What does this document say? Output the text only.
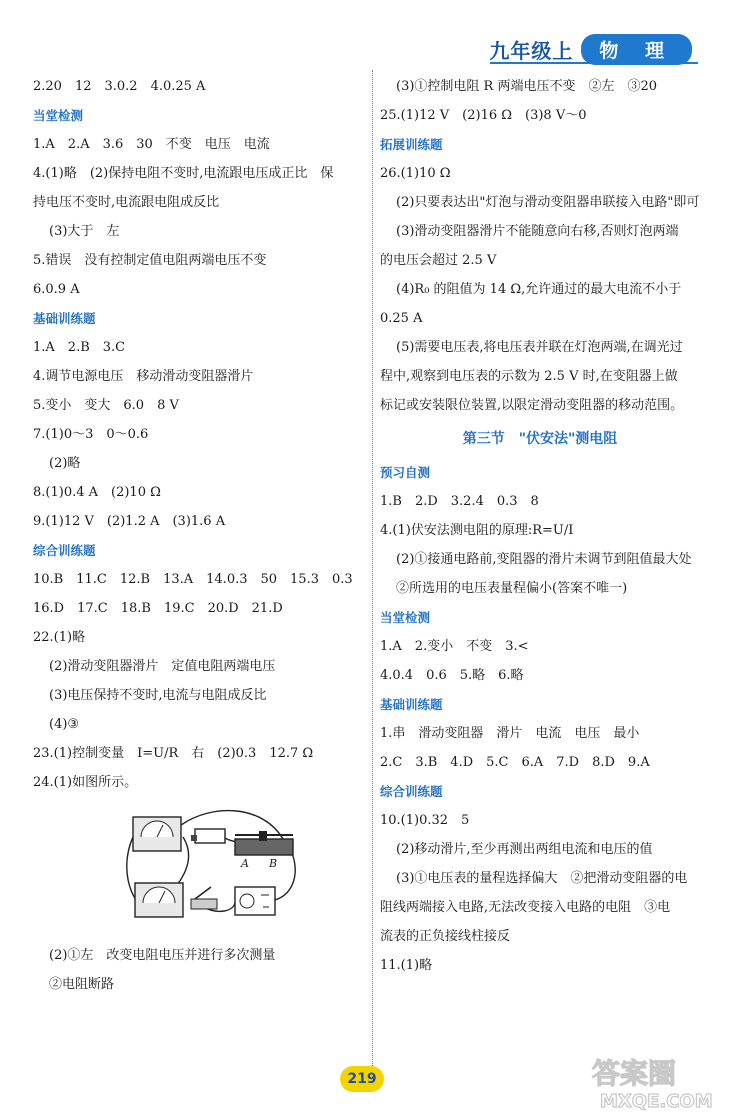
九年级上	物 理
2.20　12　3.0.2　4.0.25 A
当堂检测
1.A　2.A　3.6　30　不变　电压　电流
4.(1)略　(2)保持电阻不变时,电流跟电压成正比　保
持电压不变时,电流跟电阻成反比
(3)大于　左
5.错误　没有控制定值电阻两端电压不变
6.0.9 A
基础训练题
1.A　2.B　3.C
4.调节电源电压　移动滑动变阻器滑片
5.变小　变大　6.0　8 V
7.(1)0～3　0～0.6
(2)略
8.(1)0.4 A　(2)10 Ω
9.(1)12 V　(2)1.2 A　(3)1.6 A
综合训练题
10.B　11.C　12.B　13.A　14.0.3　50　15.3　0.3
16.D　17.C　18.B　19.C　20.D　21.D
22.(1)略
(2)滑动变阻器滑片　定值电阻两端电压
(3)电压保持不变时,电流与电阻成反比
(4)③
23.(1)控制变量　I=U/R　右　(2)0.3　12.7 Ω
24.(1)如图所示。
A B
(2)①左　改变电阻电压并进行多次测量
②电阻断路
(3)①控制电阻 R 两端电压不变　②左　③20
25.(1)12 V　(2)16 Ω　(3)8 V～0
拓展训练题
26.(1)10 Ω
(2)只要表达出"灯泡与滑动变阻器串联接入电路"即可
(3)滑动变阻器滑片不能随意向右移,否则灯泡两端
的电压会超过 2.5 V
(4)R₀ 的阻值为 14 Ω,允许通过的最大电流不小于
0.25 A
(5)需要电压表,将电压表并联在灯泡两端,在调光过
程中,观察到电压表的示数为 2.5 V 时,在变阻器上做
标记或安装限位装置,以限定滑动变阻器的移动范围。
第三节　"伏安法"测电阻
预习自测
1.B　2.D　3.2.4　0.3　8
4.(1)伏安法测电阻的原理:R=U/I
(2)①接通电路前,变阻器的滑片未调节到阻值最大处
②所选用的电压表量程偏小(答案不唯一)
当堂检测
1.A　2.变小　不变　3.<
4.0.4　0.6　5.略　6.略
基础训练题
1.串　滑动变阻器　滑片　电流　电压　最小
2.C　3.B　4.D　5.C　6.A　7.D　8.D　9.A
综合训练题
10.(1)0.32　5
(2)移动滑片,至少再测出两组电流和电压的值
(3)①电压表的量程选择偏大　②把滑动变阻器的电
阻线两端接入电路,无法改变接入电路的电阻　③电
流表的正负接线柱接反
11.(1)略
219	答案圈
MXQE.COM
